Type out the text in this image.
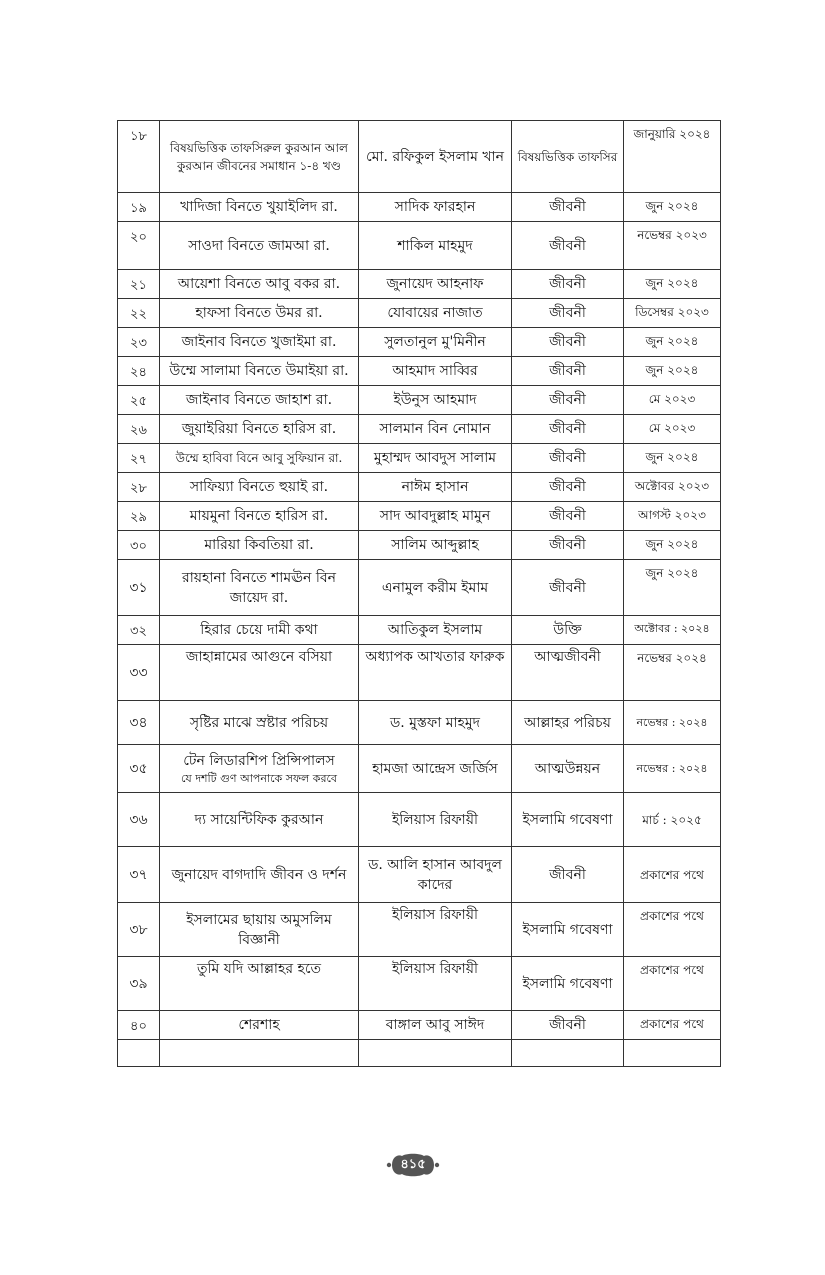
১৮	বিষয়ভিত্তিক তাফসিরুল কুরআন আল কুরআন জীবনের সমাধান ১-৪ খণ্ড	মো. রফিকুল ইসলাম খান	বিষয়ভিত্তিক তাফসির	জানুয়ারি ২০২৪
১৯	খাদিজা বিনতে খুয়াইলিদ রা.	সাদিক ফারহান	জীবনী	জুন ২০২৪
২০	সাওদা বিনতে জামআ রা.	শাকিল মাহমুদ	জীবনী	নভেম্বর ২০২৩
২১	আয়েশা বিনতে আবু বকর রা.	জুনায়েদ আহনাফ	জীবনী	জুন ২০২৪
২২	হাফসা বিনতে উমর রা.	যোবায়ের নাজাত	জীবনী	ডিসেম্বর ২০২৩
২৩	জাইনাব বিনতে খুজাইমা রা.	সুলতানুল মু'মিনীন	জীবনী	জুন ২০২৪
২৪	উম্মে সালামা বিনতে উমাইয়া রা.	আহমাদ সাব্বির	জীবনী	জুন ২০২৪
২৫	জাইনাব বিনতে জাহাশ রা.	ইউনুস আহমাদ	জীবনী	মে ২০২৩
২৬	জুয়াইরিয়া বিনতে হারিস রা.	সালমান বিন নোমান	জীবনী	মে ২০২৩
২৭	উম্মে হাবিবা বিনে আবু সুফিয়ান রা.	মুহাম্মদ আবদুস সালাম	জীবনী	জুন ২০২৪
২৮	সাফিয়্যা বিনতে হুয়াই রা.	নাঈম হাসান	জীবনী	অক্টোবর ২০২৩
২৯	মায়মুনা বিনতে হারিস রা.	সাদ আবদুল্লাহ মামুন	জীবনী	আগস্ট ২০২৩
৩০	মারিয়া কিবতিয়া রা.	সালিম আব্দুল্লাহ	জীবনী	জুন ২০২৪
৩১	রায়হানা বিনতে শামঊন বিন জায়েদ রা.	এনামুল করীম ইমাম	জীবনী	জুন ২০২৪
৩২	হিরার চেয়ে দামী কথা	আতিকুল ইসলাম	উক্তি	অক্টোবর : ২০২৪
৩৩	জাহান্নামের আগুনে বসিয়া	অধ্যাপক আখতার ফারুক	আত্মজীবনী	নভেম্বর ২০২৪
৩৪	সৃষ্টির মাঝে স্রষ্টার পরিচয়	ড. মুস্তফা মাহমুদ	আল্লাহর পরিচয়	নভেম্বর : ২০২৪
৩৫	টেন লিডারশিপ প্রিন্সিপালস
যে দশটি গুণ আপনাকে সফল করবে	হামজা আন্দ্রেস জর্জিস	আত্মউন্নয়ন	নভেম্বর : ২০২৪
৩৬	দ্য সায়েন্টিফিক কুরআন	ইলিয়াস রিফায়ী	ইসলামি গবেষণা	মার্চ : ২০২৫
৩৭	জুনায়েদ বাগদাদি জীবন ও দর্শন	ড. আলি হাসান আবদুল কাদের	জীবনী	প্রকাশের পথে
৩৮	ইসলামের ছায়ায় অমুসলিম বিজ্ঞানী	ইলিয়াস রিফায়ী	ইসলামি গবেষণা	প্রকাশের পথে
৩৯	তুমি যদি আল্লাহর হতে	ইলিয়াস রিফায়ী	ইসলামি গবেষণা	প্রকাশের পথে
৪০	শেরশাহ	বাঙ্গাল আবু সাঈদ	জীবনী	প্রকাশের পথে

৪১৫
